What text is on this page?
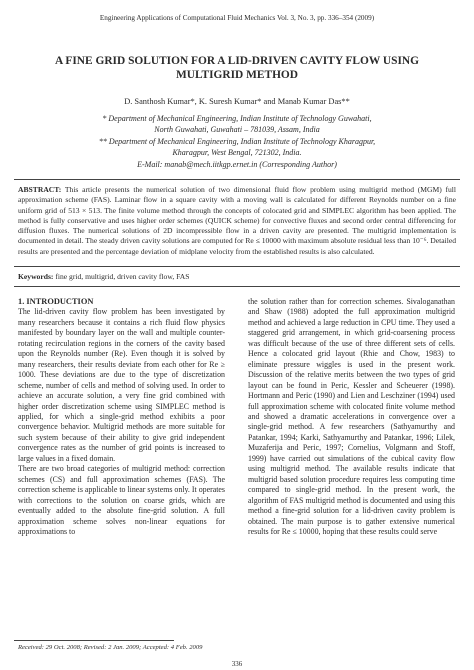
Engineering Applications of Computational Fluid Mechanics Vol. 3, No. 3, pp. 336–354 (2009)
A FINE GRID SOLUTION FOR A LID-DRIVEN CAVITY FLOW USING
MULTIGRID METHOD
D. Santhosh Kumar*, K. Suresh Kumar* and Manab Kumar Das**
* Department of Mechanical Engineering, Indian Institute of Technology Guwahati,
North Guwahati, Guwahati – 781039, Assam, India
** Department of Mechanical Engineering, Indian Institute of Technology Kharagpur,
Kharagpur, West Bengal, 721302, India.
E-Mail: manab@mech.iitkgp.ernet.in (Corresponding Author)

ABSTRACT: This article presents the numerical solution of two dimensional fluid flow problem using multigrid method (MGM) full approximation scheme (FAS). Laminar flow in a square cavity with a moving wall is calculated for different Reynolds number on a fine uniform grid of 513 × 513. The finite volume method through the concepts of colocated grid and SIMPLEC algorithm has been applied. The method is fully conservative and uses higher order schemes (QUICK scheme) for convective fluxes and second order central differencing for diffusion fluxes. The numerical solutions of 2D incompressible flow in a driven cavity are presented. The multigrid implementation is documented in detail. The steady driven cavity solutions are computed for Re ≤ 10000 with maximum absolute residual less than 10⁻⁶. Detailed results are presented and the percentage deviation of midplane velocity from the established results is also calculated.

Keywords: fine grid, multigrid, driven cavity flow, FAS

1. INTRODUCTION

The lid-driven cavity flow problem has been investigated by many researchers because it contains a rich fluid flow physics manifested by boundary layer on the wall and multiple counter-rotating recirculation regions in the corners of the cavity based upon the Reynolds number (Re). Even though it is solved by many researchers, their results deviate from each other for Re ≥ 1000. These deviations are due to the type of discretization scheme, number of cells and method of solving used. In order to achieve an accurate solution, a very fine grid combined with higher order discretization scheme using SIMPLEC method is applied, for which a single-grid method exhibits a poor convergence behavior. Multigrid methods are more suitable for such system because of their ability to give grid independent convergence rates as the number of grid points is increased to large values in a fixed domain.

There are two broad categories of multigrid method: correction schemes (CS) and full approximation schemes (FAS). The correction scheme is applicable to linear systems only. It operates with corrections to the solution on coarse grids, which are eventually added to the absolute fine-grid solution. A full approximation scheme solves non-linear equations for approximations to

the solution rather than for correction schemes. Sivaloganathan and Shaw (1988) adopted the full approximation multigrid method and achieved a large reduction in CPU time. They used a staggered grid arrangement, in which grid-coarsening process was difficult because of the use of three different sets of cells. Hence a colocated grid layout (Rhie and Chow, 1983) to eliminate pressure wiggles is used in the present work. Discussion of the relative merits between the two types of grid layout can be found in Peric, Kessler and Scheuerer (1998). Hortmann and Peric (1990) and Lien and Leschziner (1994) used full approximation scheme with colocated finite volume method and showed a dramatic accelerations in convergence over a single-grid method. A few researchers (Sathyamurthy and Patankar, 1994; Karki, Sathyamurthy and Patankar, 1996; Lilek, Muzaferija and Peric, 1997; Cornelius, Volgmann and Stoff, 1999) have carried out simulations of the cubical cavity flow using multigrid method. The available results indicate that multigrid based solution procedure requires less computing time compared to single-grid method. In the present work, the algorithm of FAS multigrid method is documented and using this method a fine-grid solution for a lid-driven cavity problem is obtained. The main purpose is to gather extensive numerical results for Re ≤ 10000, hoping that these results could serve

Received: 29 Oct. 2008; Revised: 2 Jan. 2009; Accepted: 4 Feb. 2009
336
